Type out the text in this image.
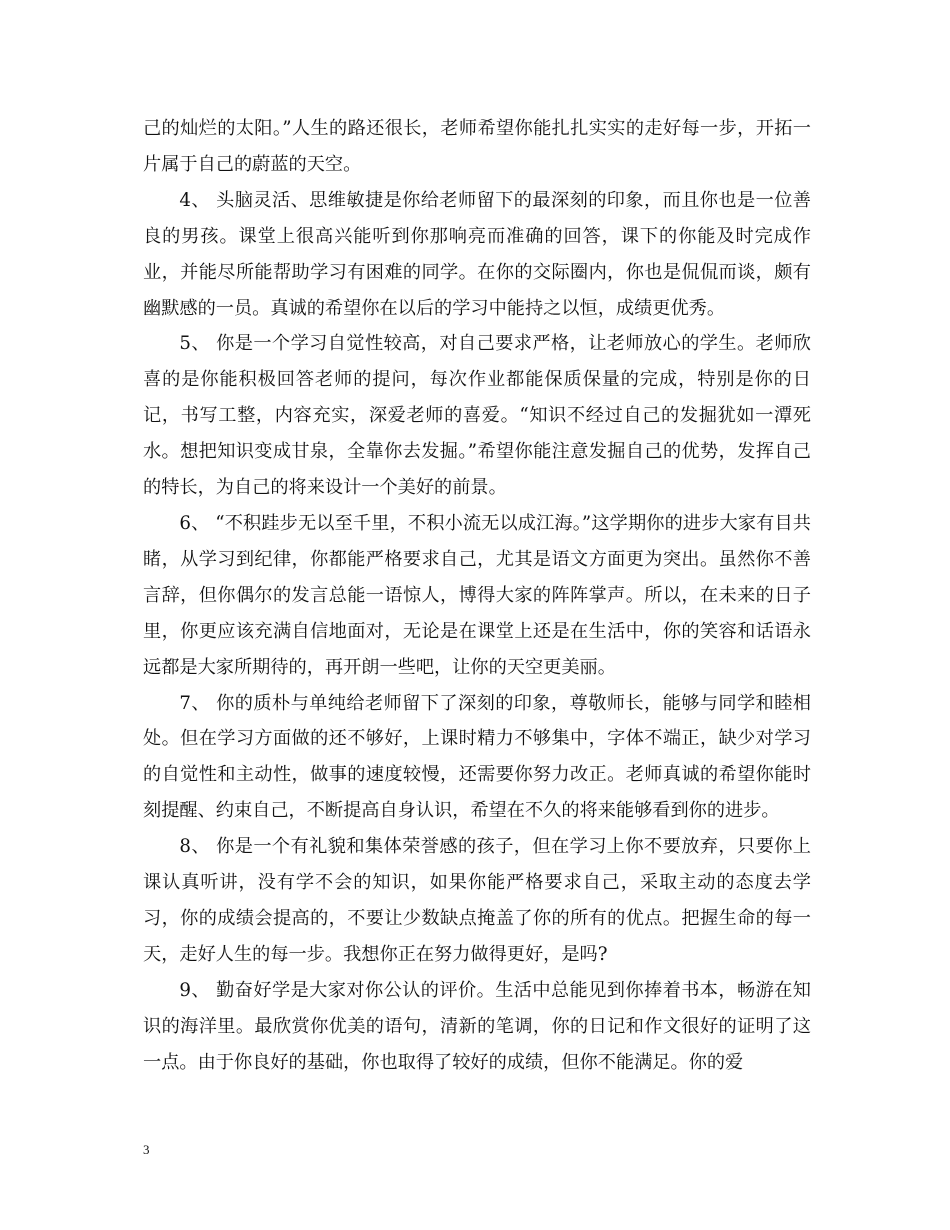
己的灿烂的太阳。”人生的路还很长，老师希望你能扎扎实实的走好每一步，开拓一片属于自己的蔚蓝的天空。

4、 头脑灵活、思维敏捷是你给老师留下的最深刻的印象，而且你也是一位善良的男孩。课堂上很高兴能听到你那响亮而准确的回答，课下的你能及时完成作业，并能尽所能帮助学习有困难的同学。在你的交际圈内，你也是侃侃而谈，颇有幽默感的一员。真诚的希望你在以后的学习中能持之以恒，成绩更优秀。

5、 你是一个学习自觉性较高，对自己要求严格，让老师放心的学生。老师欣喜的是你能积极回答老师的提问，每次作业都能保质保量的完成，特别是你的日记，书写工整，内容充实，深爱老师的喜爱。“知识不经过自己的发掘犹如一潭死水。想把知识变成甘泉，全靠你去发掘。”希望你能注意发掘自己的优势，发挥自己的特长，为自己的将来设计一个美好的前景。

6、 “不积跬步无以至千里，不积小流无以成江海。”这学期你的进步大家有目共睹，从学习到纪律，你都能严格要求自己，尤其是语文方面更为突出。虽然你不善言辞，但你偶尔的发言总能一语惊人，博得大家的阵阵掌声。所以，在未来的日子里，你更应该充满自信地面对，无论是在课堂上还是在生活中，你的笑容和话语永远都是大家所期待的，再开朗一些吧，让你的天空更美丽。

7、 你的质朴与单纯给老师留下了深刻的印象，尊敬师长，能够与同学和睦相处。但在学习方面做的还不够好，上课时精力不够集中，字体不端正，缺少对学习的自觉性和主动性，做事的速度较慢，还需要你努力改正。老师真诚的希望你能时刻提醒、约束自己，不断提高自身认识，希望在不久的将来能够看到你的进步。

8、 你是一个有礼貌和集体荣誉感的孩子，但在学习上你不要放弃，只要你上课认真听讲，没有学不会的知识，如果你能严格要求自己，采取主动的态度去学习，你的成绩会提高的，不要让少数缺点掩盖了你的所有的优点。把握生命的每一天，走好人生的每一步。我想你正在努力做得更好，是吗?

9、 勤奋好学是大家对你公认的评价。生活中总能见到你捧着书本，畅游在知识的海洋里。最欣赏你优美的语句，清新的笔调，你的日记和作文很好的证明了这一点。由于你良好的基础，你也取得了较好的成绩，但你不能满足。你的爱

3
